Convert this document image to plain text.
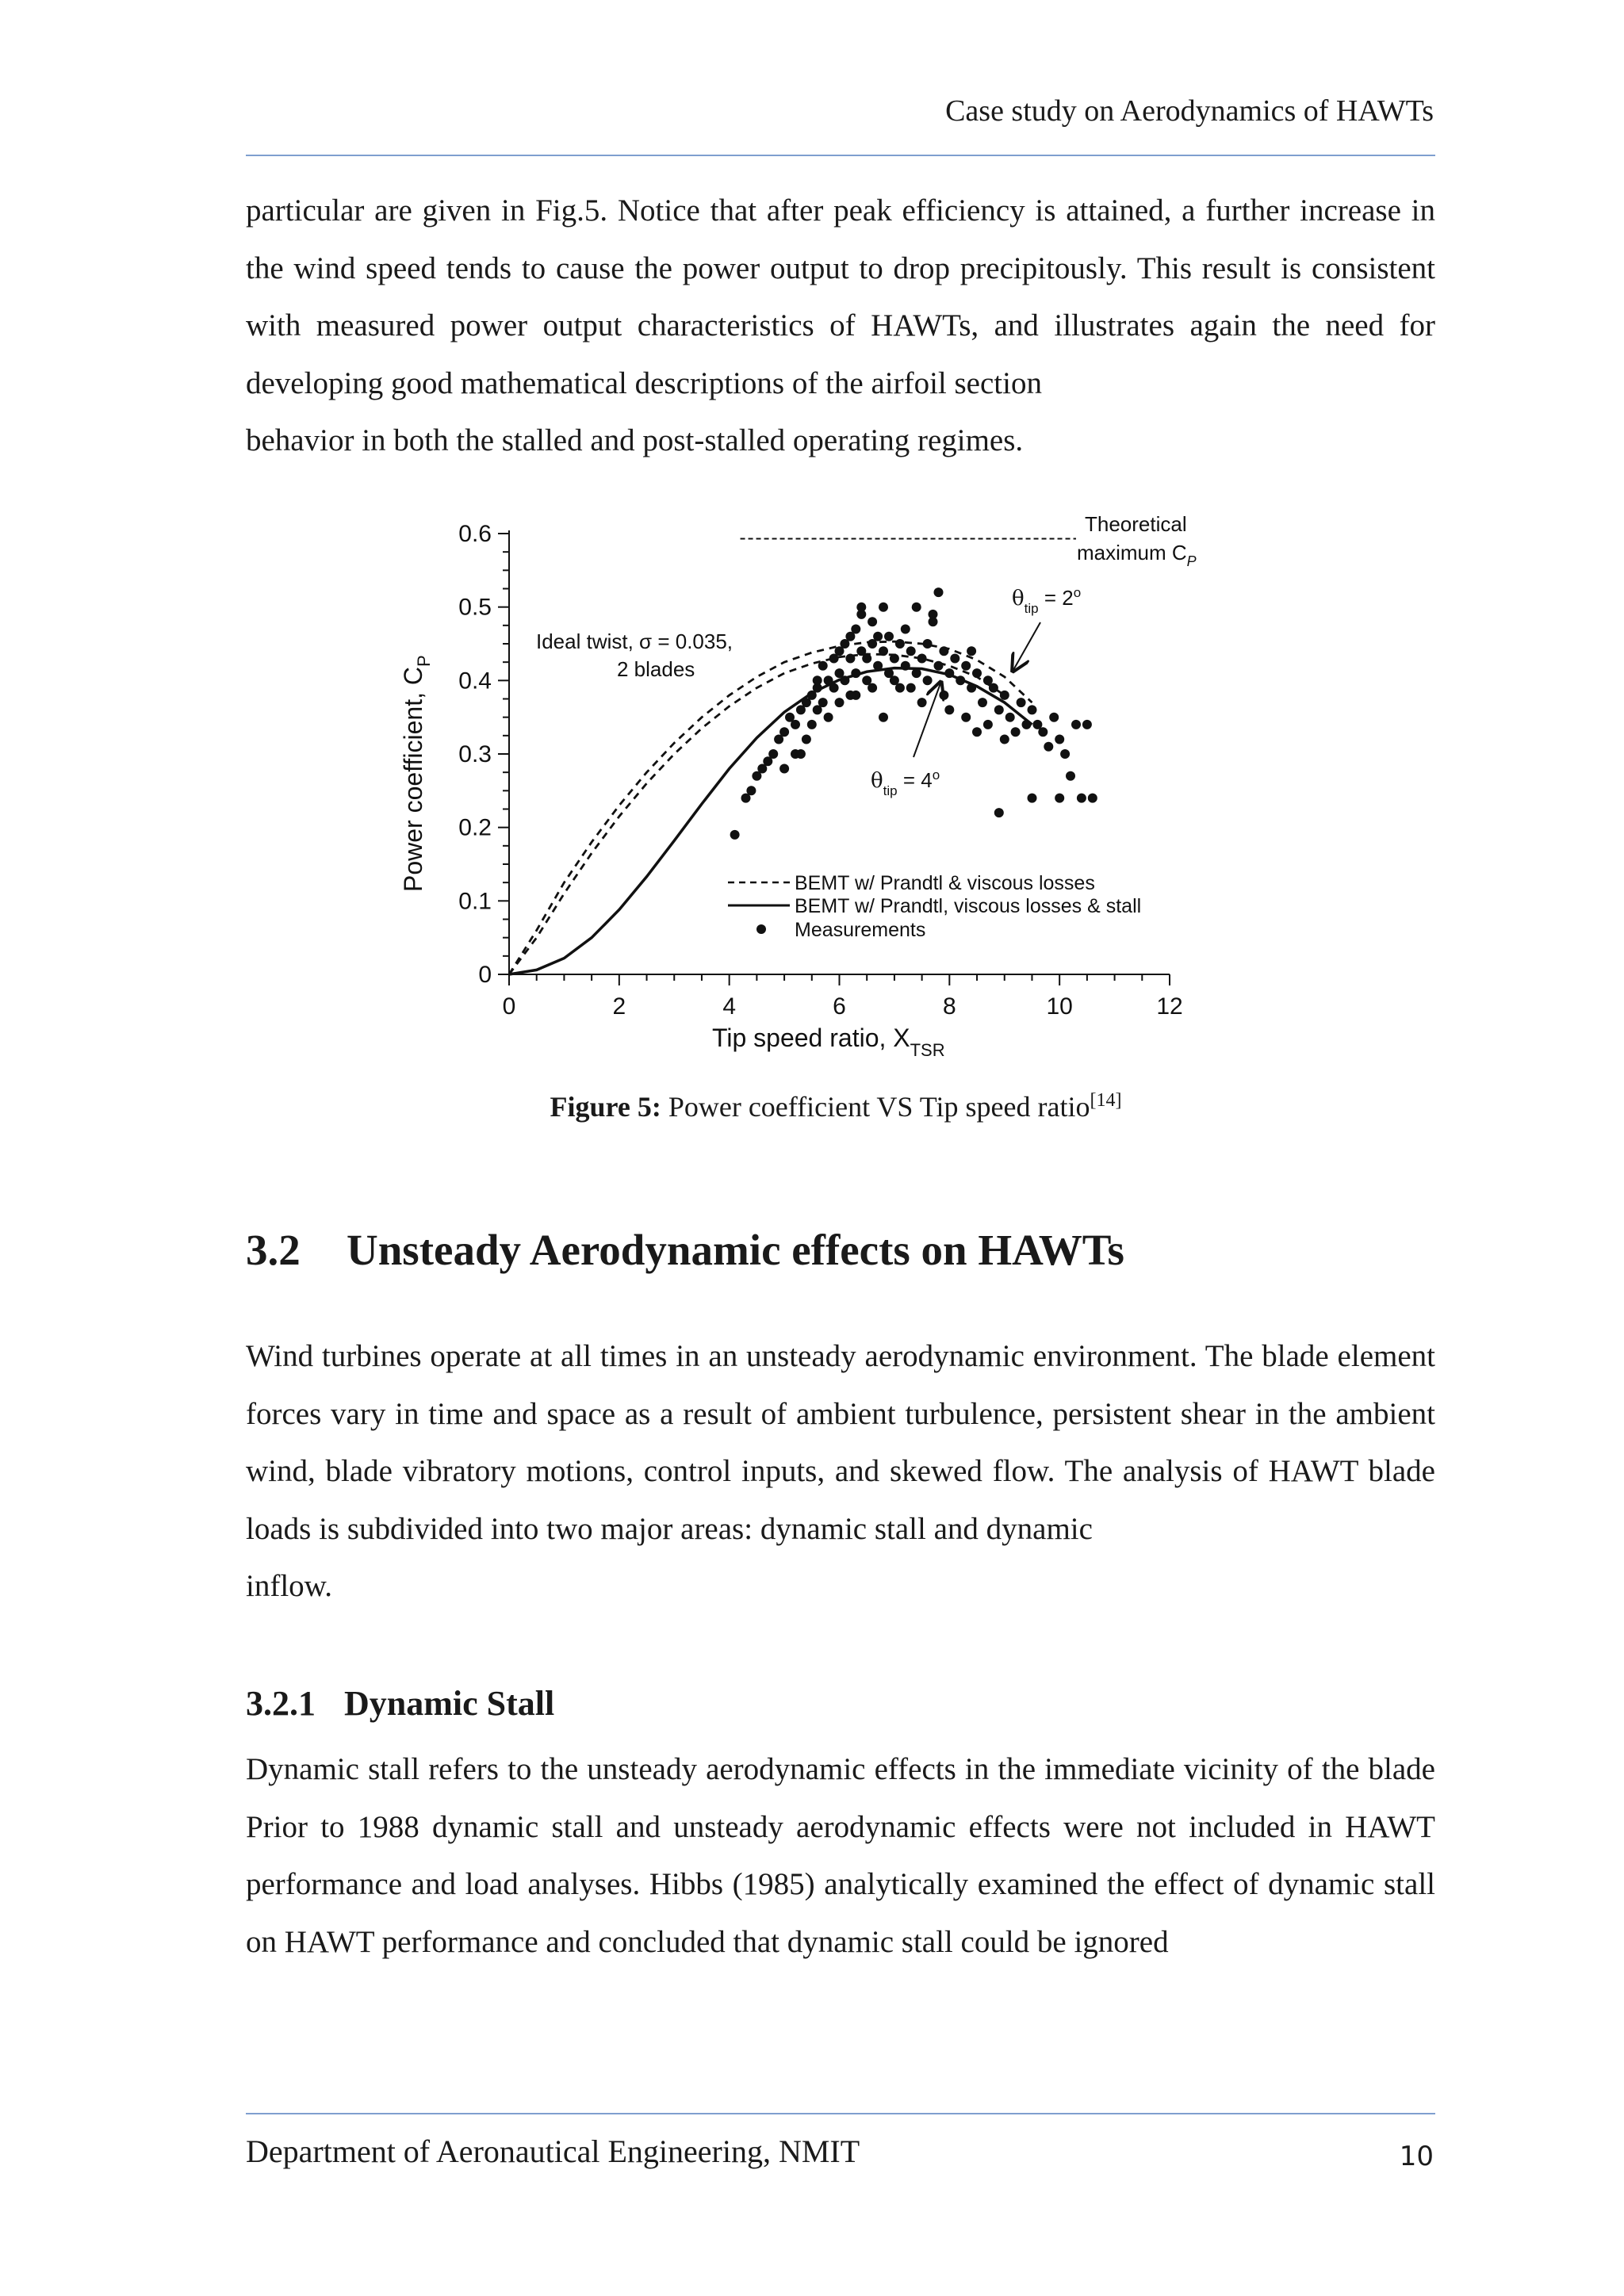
Case study on Aerodynamics of HAWTs
particular are given in Fig.5. Notice that after peak efficiency is attained, a further increase in the wind speed tends to cause the power output to drop precipitously. This result is consistent with measured power output characteristics of HAWTs, and illustrates again the need for developing good mathematical descriptions of the airfoil section
behavior in both the stalled and post-stalled operating regimes.
0	2	4	6	8	10	12
0
0.1
0.2
0.3
0.4
0.5
0.6	Theoretical
maximum $C_P$
Ideal twist, σ = 0.035,
2 blades
$\theta_{tip} = 2^o$
$\theta_{tip} = 4^o$
BEMT w/ Prandtl & viscous losses
BEMT w/ Prandtl, viscous losses & stall
Measurements
Tip speed ratio, $X_{TSR}$
Power coefficient, $C_P$
Figure 5: Power coefficient VS Tip speed ratio[14]
3.2 Unsteady Aerodynamic effects on HAWTs
Wind turbines operate at all times in an unsteady aerodynamic environment. The blade element forces vary in time and space as a result of ambient turbulence, persistent shear in the ambient wind, blade vibratory motions, control inputs, and skewed flow. The analysis of HAWT blade loads is subdivided into two major areas: dynamic stall and dynamic
inflow.
3.2.1 Dynamic Stall
Dynamic stall refers to the unsteady aerodynamic effects in the immediate vicinity of the blade Prior to 1988 dynamic stall and unsteady aerodynamic effects were not included in HAWT performance and load analyses. Hibbs (1985) analytically examined the effect of dynamic stall on HAWT performance and concluded that dynamic stall could be ignored
Department of Aeronautical Engineering, NMIT	10
